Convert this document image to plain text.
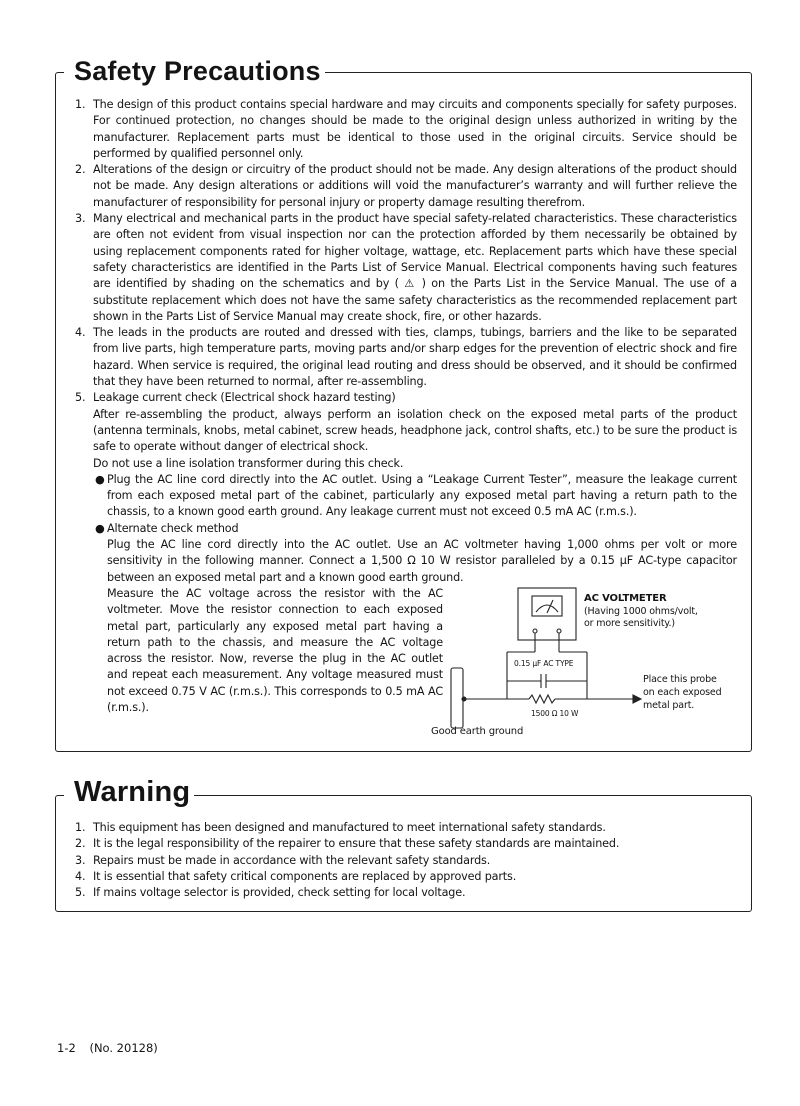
Safety Precautions
1. The design of this product contains special hardware and may circuits and components specially for safety purposes. For continued protection, no changes should be made to the original design unless authorized in writing by the manufacturer. Replacement parts must be identical to those used in the original circuits. Service should be performed by qualified personnel only.
2. Alterations of the design or circuitry of the product should not be made. Any design alterations of the product should not be made. Any design alterations or additions will void the manufacturer’s warranty and will further relieve the manufacturer of responsibility for personal injury or property damage resulting therefrom.
3. Many electrical and mechanical parts in the product have special safety-related characteristics. These characteristics are often not evident from visual inspection nor can the protection afforded by them necessarily be obtained by using replacement components rated for higher voltage, wattage, etc. Replacement parts which have these special safety characteristics are identified in the Parts List of Service Manual. Electrical components having such features are identified by shading on the schematics and by ( ⚠ ) on the Parts List in the Service Manual. The use of a substitute replacement which does not have the same safety characteristics as the recommended replacement part shown in the Parts List of Service Manual may create shock, fire, or other hazards.
4. The leads in the products are routed and dressed with ties, clamps, tubings, barriers and the like to be separated from live parts, high temperature parts, moving parts and/or sharp edges for the prevention of electric shock and fire hazard. When service is required, the original lead routing and dress should be observed, and it should be confirmed that they have been returned to normal, after re-assembling.
5. Leakage current check (Electrical shock hazard testing)
After re-assembling the product, always perform an isolation check on the exposed metal parts of the product (antenna terminals, knobs, metal cabinet, screw heads, headphone jack, control shafts, etc.) to be sure the product is safe to operate without danger of electrical shock.
Do not use a line isolation transformer during this check.
● Plug the AC line cord directly into the AC outlet. Using a “Leakage Current Tester”, measure the leakage current from each exposed metal part of the cabinet, particularly any exposed metal part having a return path to the chassis, to a known good earth ground. Any leakage current must not exceed 0.5 mA AC (r.m.s.).
● Alternate check method
Plug the AC line cord directly into the AC outlet. Use an AC voltmeter having 1,000 ohms per volt or more sensitivity in the following manner. Connect a 1,500 Ω 10 W resistor paralleled by a 0.15 μF AC-type capacitor between an exposed metal part and a known good earth ground.
Measure the AC voltage across the resistor with the AC voltmeter. Move the resistor connection to each exposed metal part, particularly any exposed metal part having a return path to the chassis, and measure the AC voltage across the resistor. Now, reverse the plug in the AC outlet and repeat each measurement. Any voltage measured must not exceed 0.75 V AC (r.m.s.). This corresponds to 0.5 mA AC (r.m.s.).
AC VOLTMETER
(Having 1000 ohms/volt,
or more sensitivity.)
0.15 μF AC TYPE
1500 Ω 10 W
Place this probe
on each exposed
metal part.
Good earth ground
Warning
1. This equipment has been designed and manufactured to meet international safety standards.
2. It is the legal responsibility of the repairer to ensure that these safety standards are maintained.
3. Repairs must be made in accordance with the relevant safety standards.
4. It is essential that safety critical components are replaced by approved parts.
5. If mains voltage selector is provided, check setting for local voltage.
1-2 (No. 20128)
